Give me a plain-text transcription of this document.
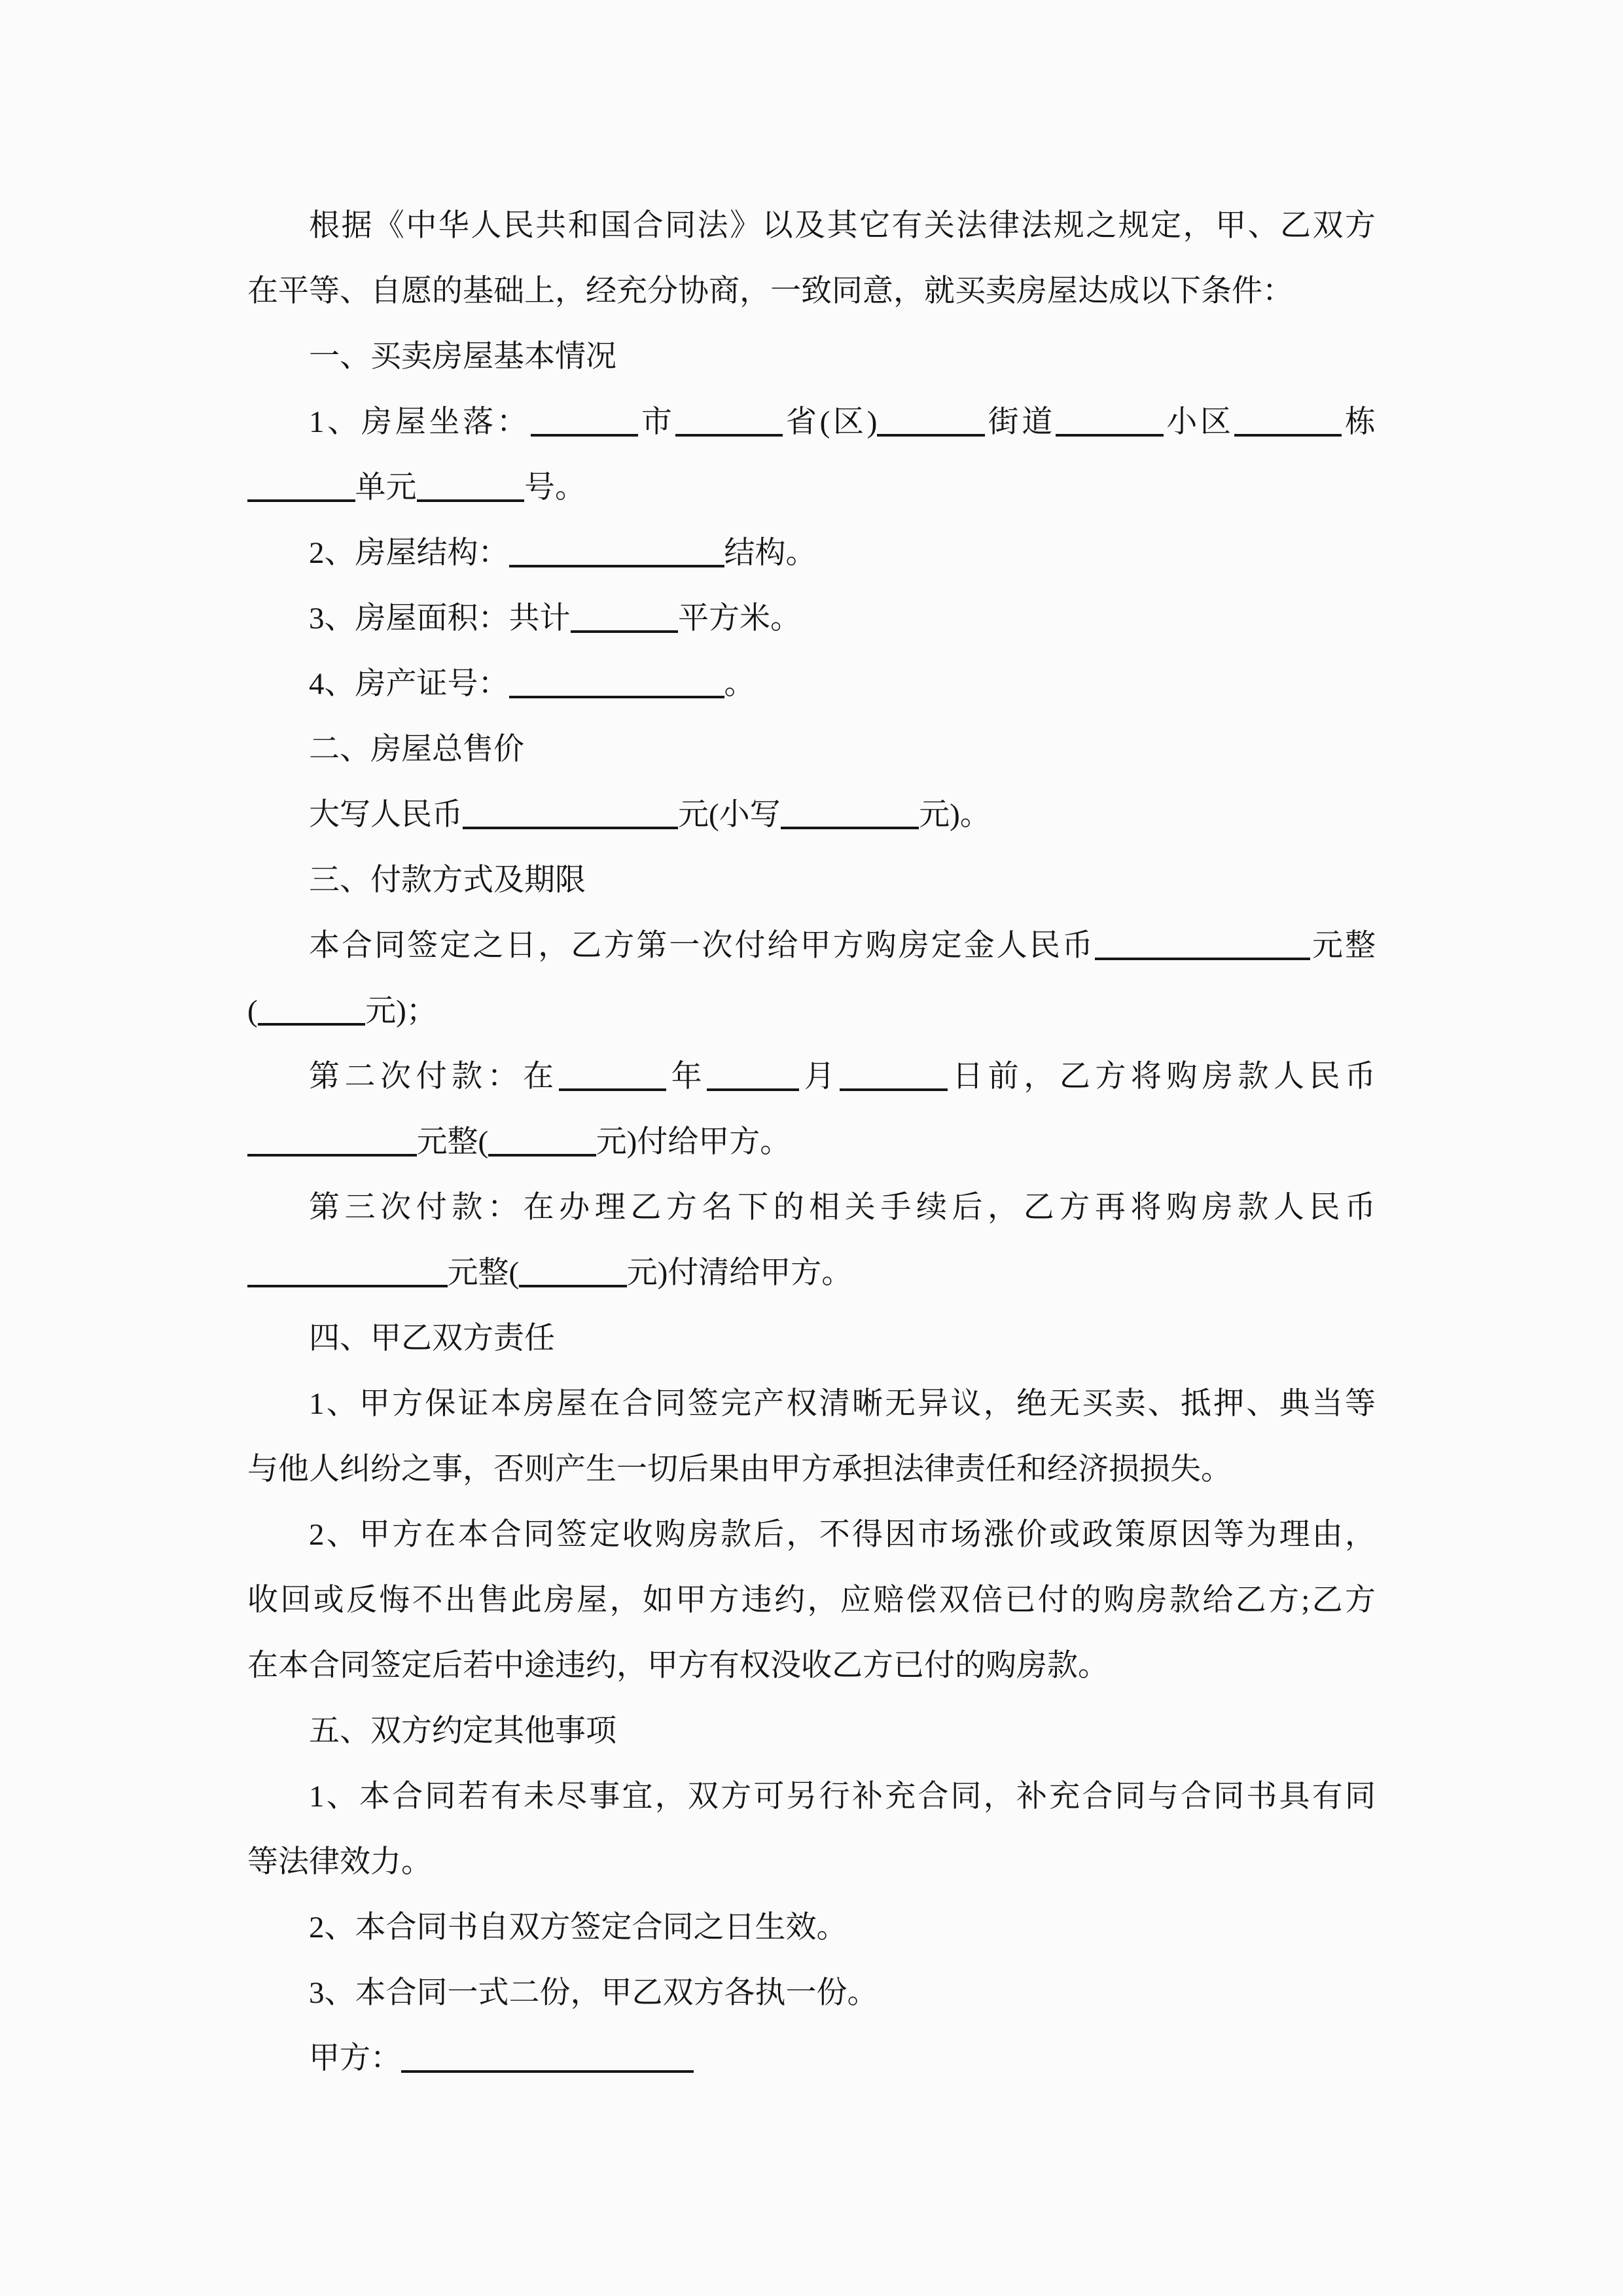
根据《中华人民共和国合同法》以及其它有关法律法规之规定，甲、乙双方
在平等、自愿的基础上，经充分协商，一致同意，就买卖房屋达成以下条件：
一、买卖房屋基本情况
1、房屋坐落：	市	省(区)	街道	小区	栋
单元	号。
2、房屋结构：	结构。
3、房屋面积：共计	平方米。
4、房产证号：	。
二、房屋总售价
大写人民币	元(小写	元)。
三、付款方式及期限
本合同签定之日，乙方第一次付给甲方购房定金人民币	元整
(	元)；
第二次付款：在	年	月	日前，乙方将购房款人民币
元整(	元)付给甲方。
第三次付款：在办理乙方名下的相关手续后，乙方再将购房款人民币
元整(	元)付清给甲方。
四、甲乙双方责任
1、甲方保证本房屋在合同签完产权清晰无异议，绝无买卖、抵押、典当等
与他人纠纷之事，否则产生一切后果由甲方承担法律责任和经济损损失。
2、甲方在本合同签定收购房款后，不得因市场涨价或政策原因等为理由，
收回或反悔不出售此房屋，如甲方违约，应赔偿双倍已付的购房款给乙方;乙方
在本合同签定后若中途违约，甲方有权没收乙方已付的购房款。
五、双方约定其他事项
1、本合同若有未尽事宜，双方可另行补充合同，补充合同与合同书具有同
等法律效力。
2、本合同书自双方签定合同之日生效。
3、本合同一式二份，甲乙双方各执一份。
甲方：
